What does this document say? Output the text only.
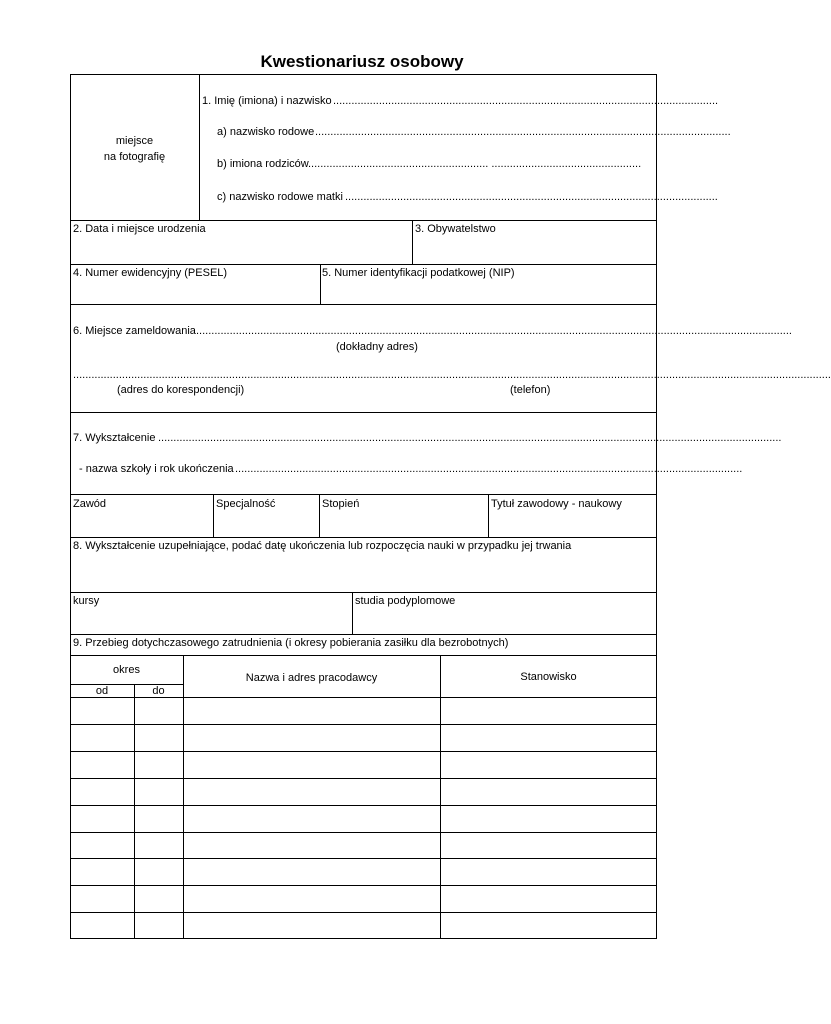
Kwestionariusz osobowy
miejsce
na fotografię
1. Imię (imiona) i nazwisko ..............................................................................................................................
a) nazwisko rodowe ........................................................................................................................................
b) imiona rodziców ........................................................... .................................................
c) nazwisko rodowe matki ..........................................................................................................................
2. Data i miejsce urodzenia	3. Obywatelstwo
4. Numer ewidencyjny (PESEL)	5. Numer identyfikacji podatkowej (NIP)
6. Miejsce zameldowania ...................................................................................................................................................................................................
(dokładny adres)
........................................................................................................................................................................................................................................................
(adres do korespondencji)	(telefon)
7. Wykształcenie ............................................................................................................................................................................................................
- nazwa szkoły i rok ukończenia ......................................................................................................................................................................
Zawód	Specjalność	Stopień	Tytuł zawodowy - naukowy
8. Wykształcenie uzupełniające, podać datę ukończenia lub rozpoczęcia nauki w przypadku jej trwania
kursy	studia podyplomowe
9. Przebieg dotychczasowego zatrudnienia (i okresy pobierania zasiłku dla bezrobotnych)
okres
od	do
Nazwa i adres pracodawcy	Stanowisko
